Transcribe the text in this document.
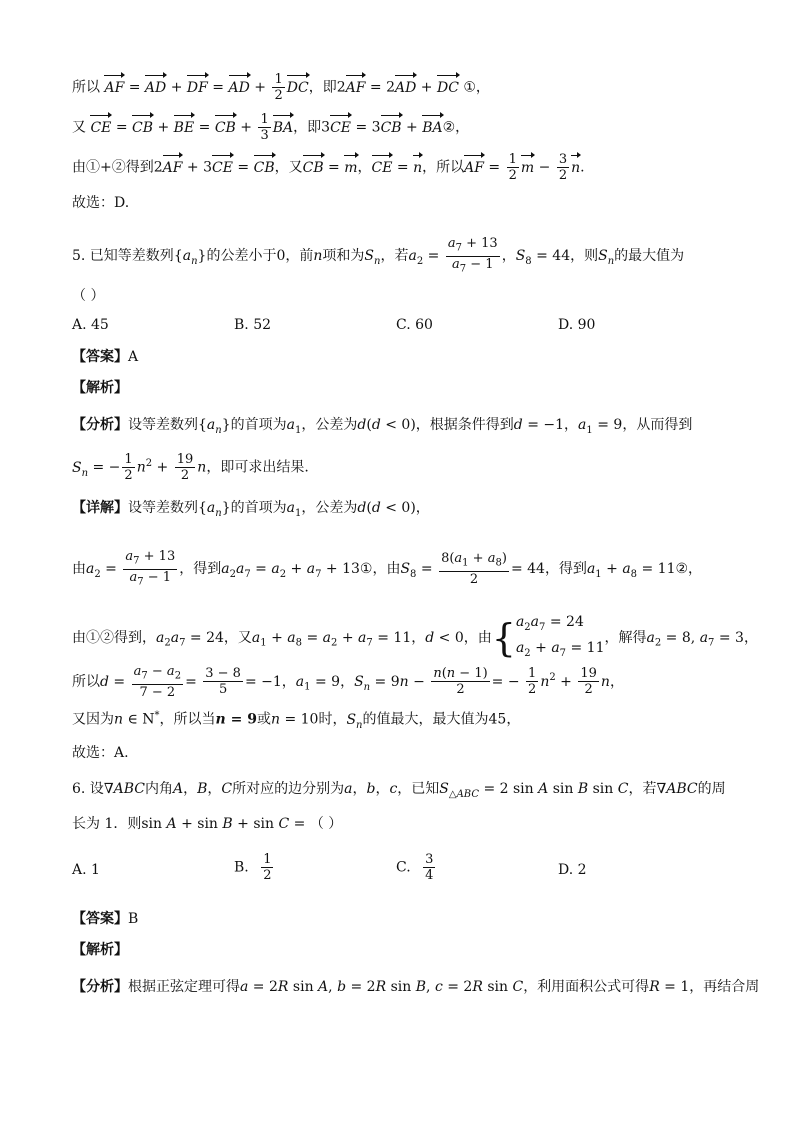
所以 AF = AD + DF = AD + $\frac{1}{2}$ DC，即2AF = 2AD + DC ①，
又 CE = CB + BE = CB + $\frac{1}{3}$ BA，即3CE = 3CB + BA②，
由①+②得到2AF + 3CE = CB，又CB = m，CE = n，所以AF = $\frac{1}{2}$ $m - \frac{3}{2} n$.
故选：D.
5. 已知等差数列$\{a_n\}$的公差小于0，前n项和为$S_n$，若$a_2 = \frac{a_7 + 13}{a_7 - 1}$ ，$S_8 = 44$，则$S_n$的最大值为
（ ）
A. 45	B. 52	C. 60	D. 90
【答案】A
【解析】
【分析】设等差数列$\{a_n\}$的首项为$a_1$，公差为d(d < 0)，根据条件得到d = −1，$a_1 = 9$，从而得到
$S_n$ = − $\frac{1}{2} n^2 + \frac{19}{2}$ n，即可求出结果.
【详解】设等差数列$\{a_n\}$的首项为$a_1$，公差为d(d < 0)，
由$a_2 = \frac{a_7 + 13}{a_7 - 1}$ ，得到$a_2a_7 = a_2 + a_7$ + 13①，由$S_8 = \frac{8(a_1 + a_8)}{2} = 44$，得到$a_1 + a_8$ = 11②，
由①②得到，$a_2a_7 = 24$，又$a_1 + a_8 = a_2 + a_7 = 11$，d < 0，由 { $a_2a_7 = 24$
$a_2 + a_7 = 11$
，解得$a_2 = 8$, $a_7 = 3$，
所以$d = \frac{a_7 - a_2}{7 - 2} = \frac{3 - 8}{5} = -1$，$a_1 = 9$，$S_n = 9n - \frac{n(n - 1)}{2}$ = − $\frac{1}{2} n^2 + \frac{19}{2}$ n，
又因为n ∈ N*，所以当n = 9或n = 10时，$S_n$的值最大，最大值为45，
故选：A.
6. 设∇ABC内角A，B，C所对应的边分别为a，b，c，已知$S_{\triangle ABC} = 2$ sin A sin B sin C，若∇ABC的周
长为 1．则sin A + sin B + sin C = （ ）
A. 1	B. $\frac{1}{2}$	C. $\frac{3}{4}$	D. 2
【答案】B
【解析】
【分析】根据正弦定理可得a = 2R sin A, b = 2R sin B, c = 2R sin C，利用面积公式可得R = 1，再结合周
